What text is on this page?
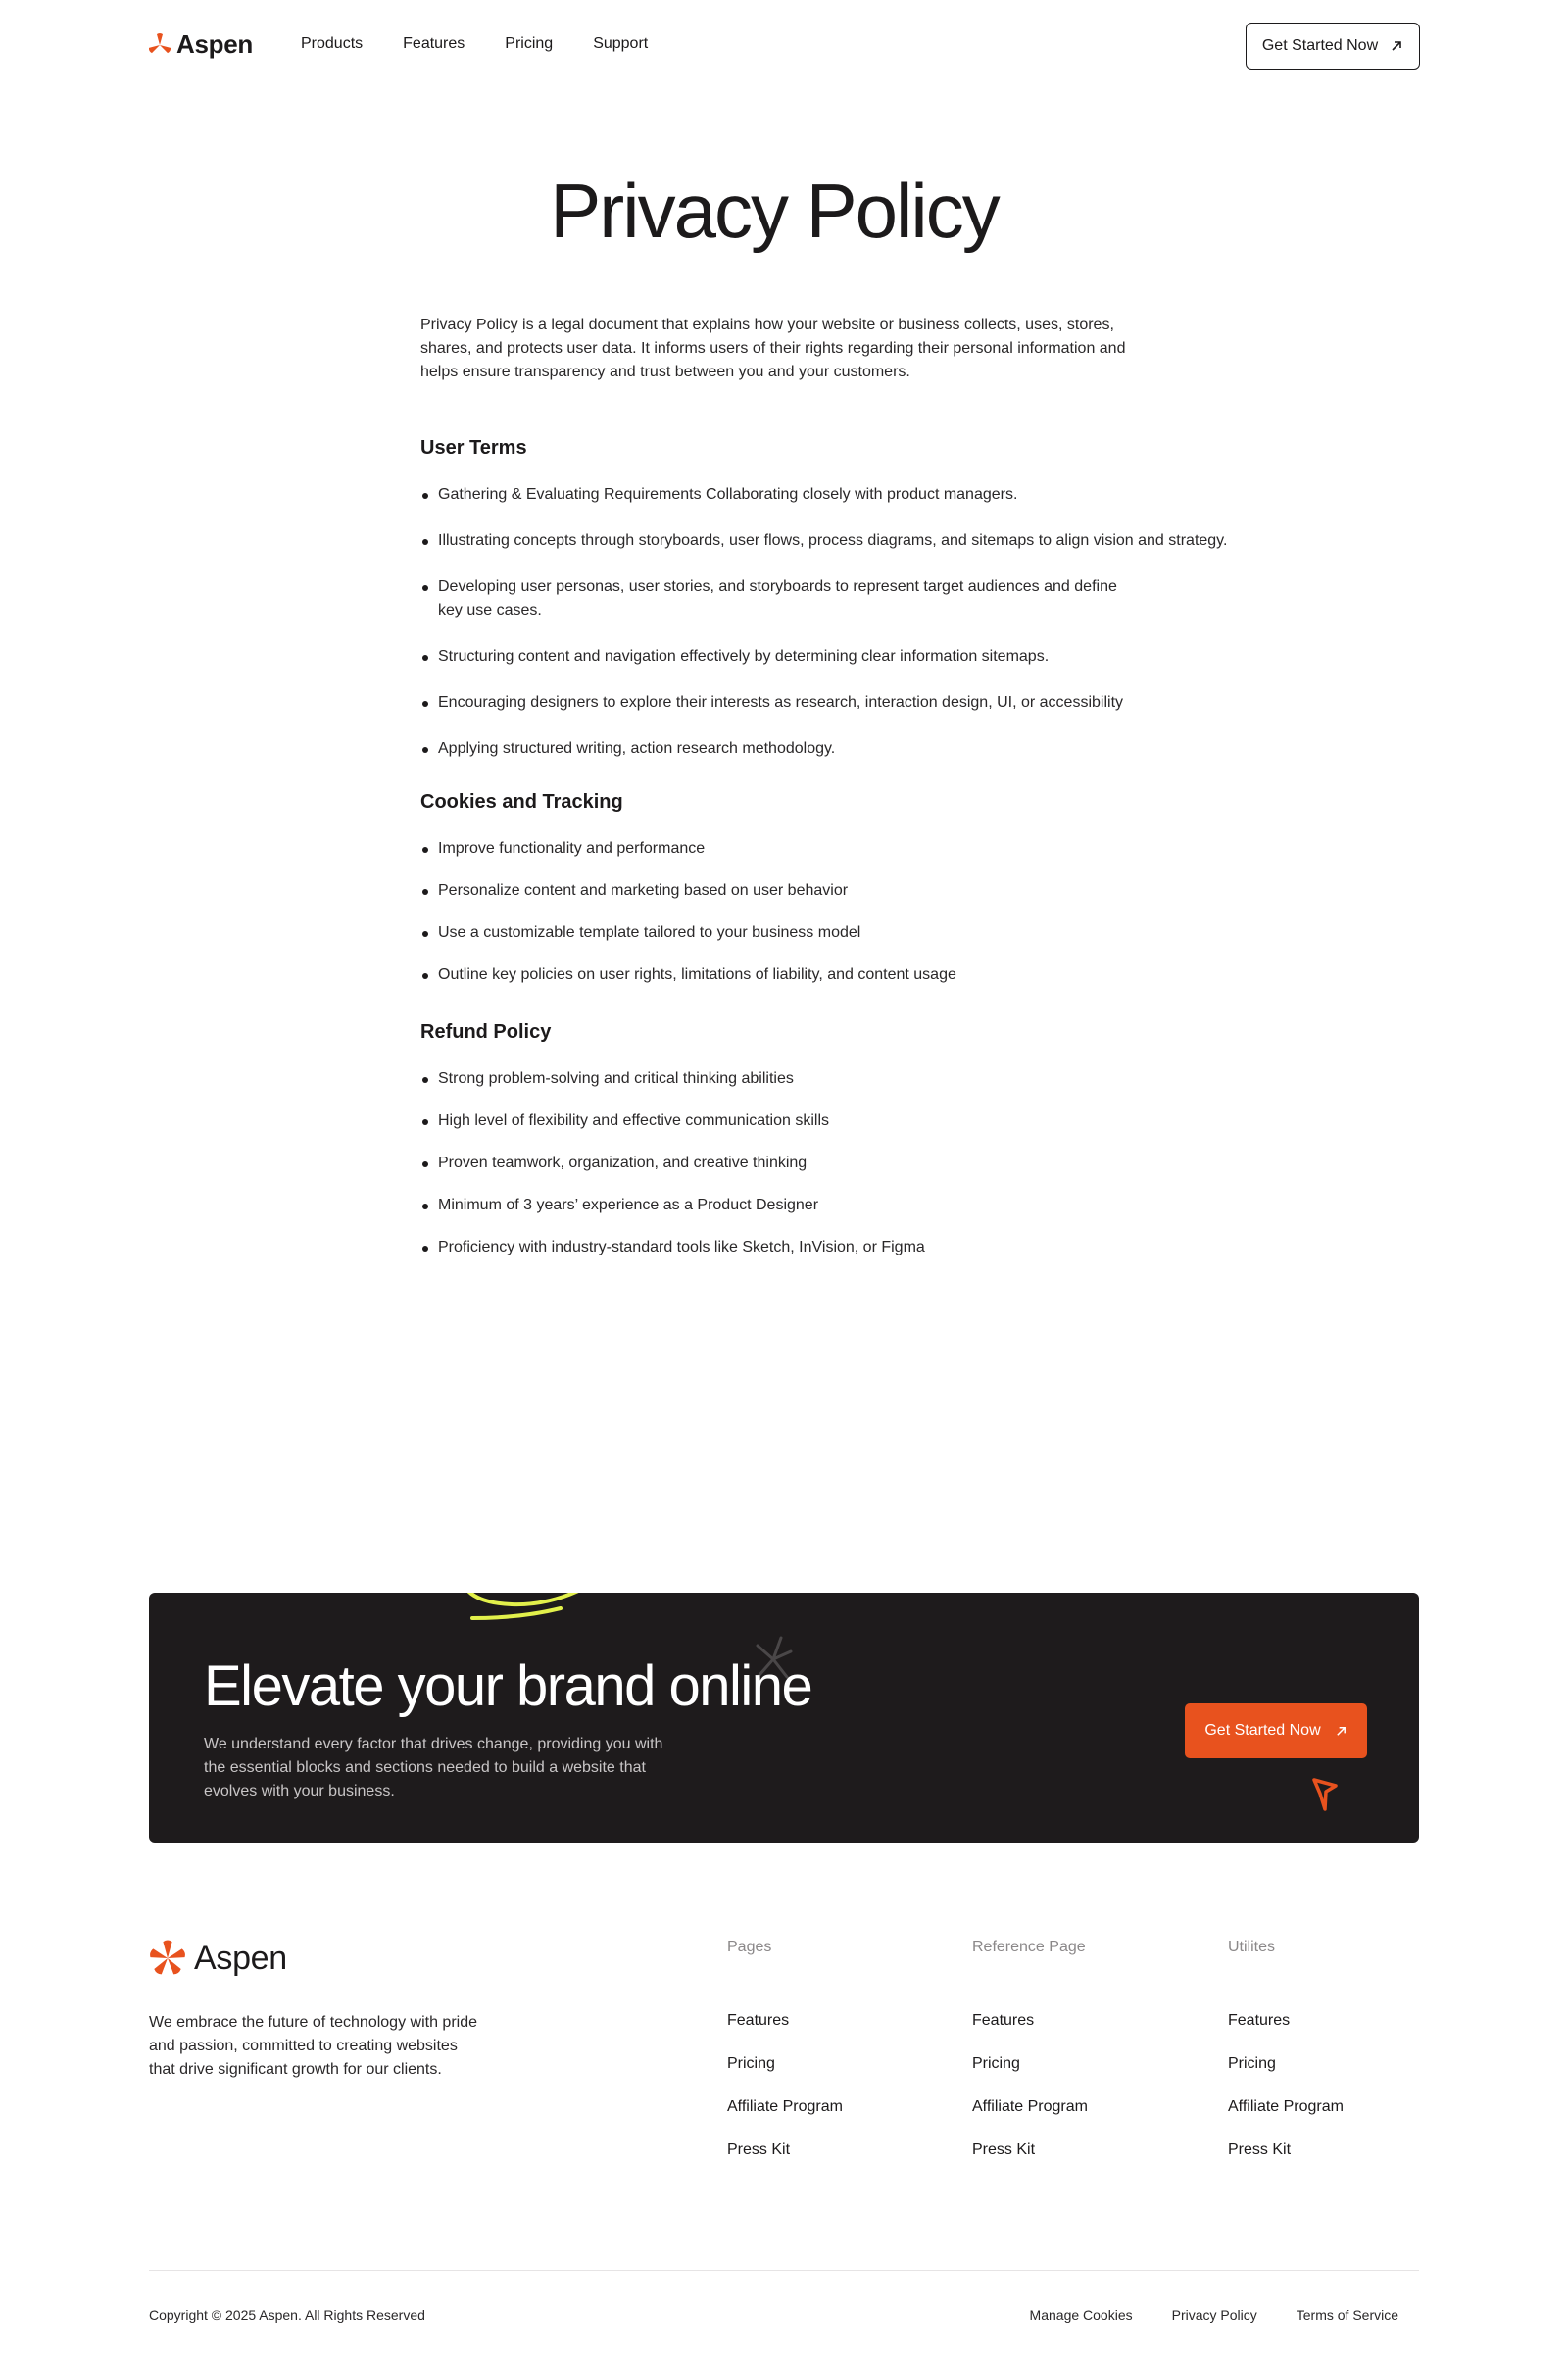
Aspen	Products	Features	Pricing	Support	Get Started Now
Privacy Policy

Privacy Policy is a legal document that explains how your website or business collects, uses, stores, shares, and protects user data. It informs users of their rights regarding their personal information and helps ensure transparency and trust between you and your customers.

User Terms
Gathering & Evaluating Requirements Collaborating closely with product managers.
Illustrating concepts through storyboards, user flows, process diagrams, and sitemaps to align vision and strategy.
Developing user personas, user stories, and storyboards to represent target audiences and define key use cases.
Structuring content and navigation effectively by determining clear information sitemaps.
Encouraging designers to explore their interests as research, interaction design, UI, or accessibility
Applying structured writing, action research methodology.
Cookies and Tracking
Improve functionality and performance
Personalize content and marketing based on user behavior
Use a customizable template tailored to your business model
Outline key policies on user rights, limitations of liability, and content usage
Refund Policy
Strong problem-solving and critical thinking abilities
High level of flexibility and effective communication skills
Proven teamwork, organization, and creative thinking
Minimum of 3 years’ experience as a Product Designer
Proficiency with industry-standard tools like Sketch, InVision, or Figma
Elevate your brand online
We understand every factor that drives change, providing you with the essential blocks and sections needed to build a website that evolves with your business.
Get Started Now
Aspen

We embrace the future of technology with pride and passion, committed to creating websites that drive significant growth for our clients.

Pages
Features
Pricing
Affiliate Program
Press Kit
Reference Page
Features
Pricing
Affiliate Program
Press Kit
Utilites
Features
Pricing
Affiliate Program
Press Kit
Copyright © 2025 Aspen. All Rights Reserved	Manage Cookies	Privacy Policy	Terms of Service
